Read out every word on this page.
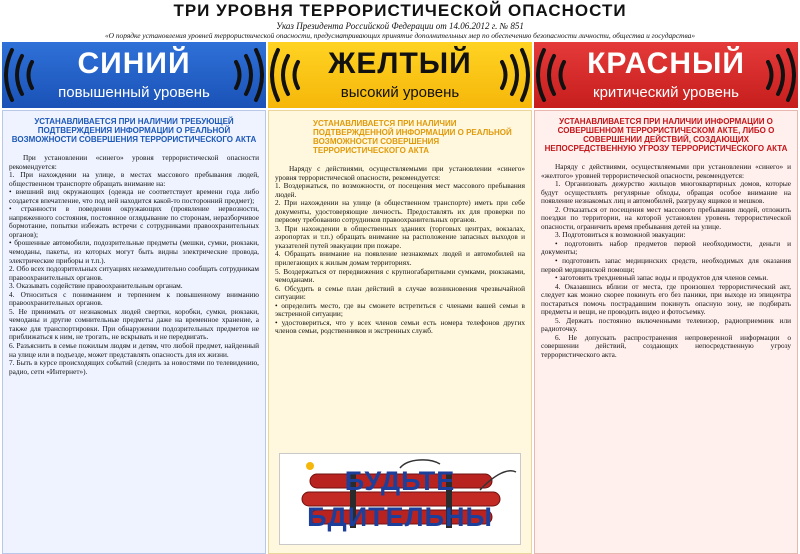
ТРИ УРОВНЯ ТЕРРОРИСТИЧЕСКОЙ ОПАСНОСТИ
Указ Президента Российской Федерации от 14.06.2012 г. № 851
«О порядке установления уровней террористической опасности, предусматривающих принятие дополнительных мер по обеспечению безопасности личности, общества и государства»
СИНИЙ
повышенный уровень
ЖЕЛТЫЙ
высокий уровень
КРАСНЫЙ
критический уровень
УСТАНАВЛИВАЕТСЯ ПРИ НАЛИЧИИ ТРЕБУЮЩЕЙ ПОДТВЕРЖДЕНИЯ ИНФОРМАЦИИ О РЕАЛЬНОЙ ВОЗМОЖНОСТИ СОВЕРШЕНИЯ ТЕРРОРИСТИЧЕСКОГО АКТА

При установлении «синего» уровня террористической опасности рекомендуется:

1. При нахождении на улице, в местах массового пребывания людей, общественном транспорте обращать внимание на:

• внешний вид окружающих (одежда не соответствует времени года либо создается впечатление, что под ней находится какой-то посторонний предмет);

• странности в поведении окружающих (проявление нервозности, напряженного состояния, постоянное оглядывание по сторонам, неразборчивое бормотание, попытки избежать встречи с сотрудниками правоохранительных органов);

• брошенные автомобили, подозрительные предметы (мешки, сумки, рюкзаки, чемоданы, пакеты, из которых могут быть видны электрические провода, электрические приборы и т.п.).

2. Обо всех подозрительных ситуациях незамедлительно сообщать сотрудникам правоохранительных органов.

3. Оказывать содействие правоохранительным органам.

4. Относиться с пониманием и терпением к повышенному вниманию правоохранительных органов.

5. Не принимать от незнакомых людей свертки, коробки, сумки, рюкзаки, чемоданы и другие сомнительные предметы даже на временное хранение, а также для транспортировки. При обнаружении подозрительных предметов не приближаться к ним, не трогать, не вскрывать и не передвигать.

6. Разъяснить в семье пожилым людям и детям, что любой предмет, найденный на улице или в подъезде, может представлять опасность для их жизни.

7. Быть в курсе происходящих событий (следить за новостями по телевидению, радио, сети «Интернет»).

УСТАНАВЛИВАЕТСЯ ПРИ НАЛИЧИИ ПОДТВЕРЖДЕННОЙ ИНФОРМАЦИИ О РЕАЛЬНОЙ ВОЗМОЖНОСТИ СОВЕРШЕНИЯ ТЕРРОРИСТИЧЕСКОГО АКТА

Наряду с действиями, осуществляемыми при установлении «синего» уровня террористической опасности, рекомендуется:

1. Воздержаться, по возможности, от посещения мест массового пребывания людей.

2. При нахождении на улице (в общественном транспорте) иметь при себе документы, удостоверяющие личность. Предоставлять их для проверки по первому требованию сотрудников правоохранительных органов.

3. При нахождении в общественных зданиях (торговых центрах, вокзалах, аэропортах и т.п.) обращать внимание на расположение запасных выходов и указателей путей эвакуации при пожаре.

4. Обращать внимание на появление незнакомых людей и автомобилей на прилегающих к жилым домам территориях.

5. Воздержаться от передвижения с крупногабаритными сумками, рюкзаками, чемоданами.

6. Обсудить в семье план действий в случае возникновения чрезвычайной ситуации:

• определить место, где вы сможете встретиться с членами вашей семьи в экстренной ситуации;

• удостовериться, что у всех членов семьи есть номера телефонов других членов семьи, родственников и экстренных служб.

БУДЬТЕ
БДИТЕЛЬНЫ
УСТАНАВЛИВАЕТСЯ ПРИ НАЛИЧИИ ИНФОРМАЦИИ О СОВЕРШЕННОМ ТЕРРОРИСТИЧЕСКОМ АКТЕ, ЛИБО О СОВЕРШЕНИИ ДЕЙСТВИЙ, СОЗДАЮЩИХ НЕПОСРЕДСТВЕННУЮ УГРОЗУ ТЕРРОРИСТИЧЕСКОГО АКТА

Наряду с действиями, осуществляемыми при установлении «синего» и «желтого» уровней террористической опасности, рекомендуется:

1. Организовать дежурство жильцов многоквартирных домов, которые будут осуществлять регулярные обходы, обращая особое внимание на появление незнакомых лиц и автомобилей, разгрузку ящиков и мешков.

2. Отказаться от посещения мест массового пребывания людей, отложить поездки по территории, на которой установлен уровень террористической опасности, ограничить время пребывания детей на улице.

3. Подготовиться к возможной эвакуации:

• подготовить набор предметов первой необходимости, деньги и документы;

• подготовить запас медицинских средств, необходимых для оказания первой медицинской помощи;

• заготовить трехдневный запас воды и продуктов для членов семьи.

4. Оказавшись вблизи от места, где произошел террористический акт, следует как можно скорее покинуть его без паники, при выходе из эпицентра постараться помочь пострадавшим покинуть опасную зону, не подбирать предметы и вещи, не проводить видео и фотосъемку.

5. Держать постоянно включенными телевизор, радиоприемник или радиоточку.

6. Не допускать распространения непроверенной информации о совершении действий, создающих непосредственную угрозу террористического акта.
